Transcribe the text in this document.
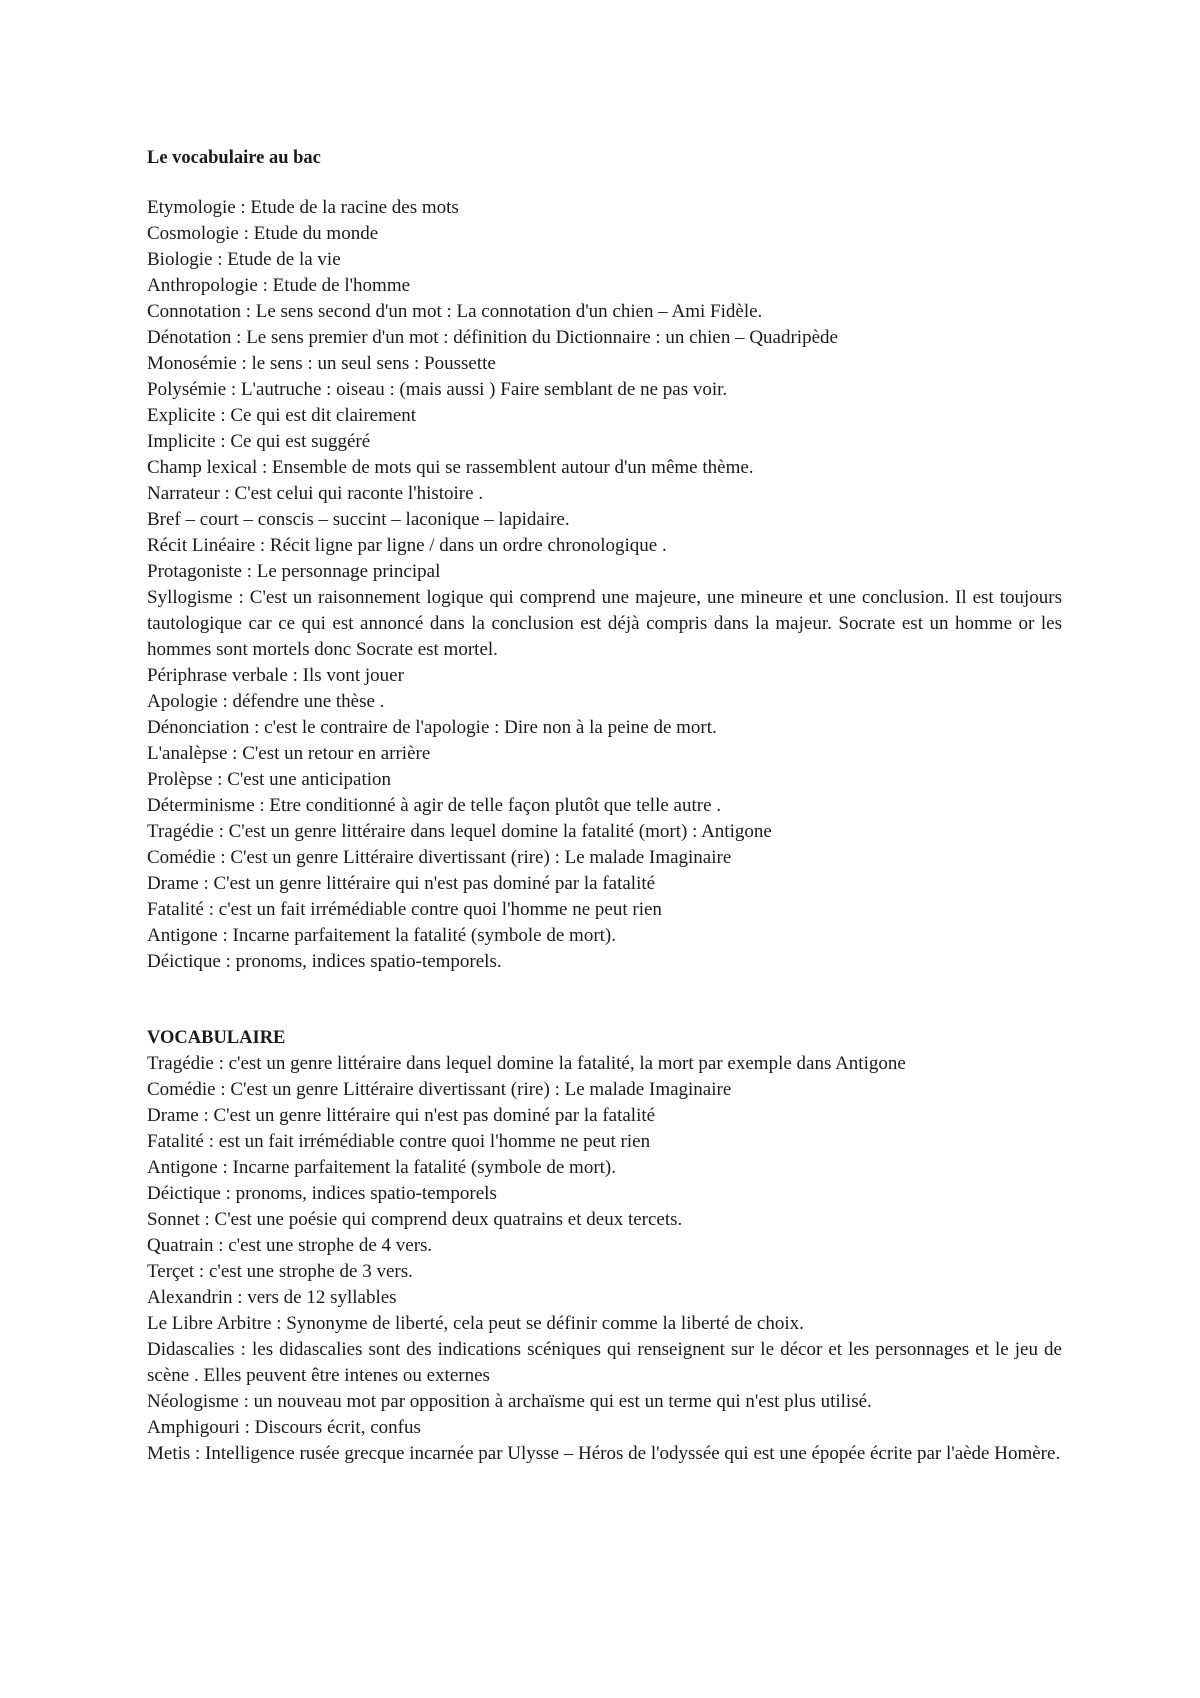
Le vocabulaire au bac

Etymologie : Etude de la racine des mots

Cosmologie : Etude du monde

Biologie : Etude de la vie

Anthropologie : Etude de l'homme

Connotation : Le sens second d'un mot : La connotation d'un chien – Ami Fidèle.

Dénotation : Le sens premier d'un mot : définition du Dictionnaire : un chien – Quadripède

Monosémie : le sens : un seul sens : Poussette

Polysémie : L'autruche : oiseau : (mais aussi ) Faire semblant de ne pas voir.

Explicite : Ce qui est dit clairement

Implicite : Ce qui est suggéré

Champ lexical : Ensemble de mots qui se rassemblent autour d'un même thème.

Narrateur : C'est celui qui raconte l'histoire .

Bref – court – conscis – succint – laconique – lapidaire.

Récit Linéaire : Récit ligne par ligne / dans un ordre chronologique .

Protagoniste : Le personnage principal

Syllogisme : C'est un raisonnement logique qui comprend une majeure, une mineure et une conclusion. Il est toujours tautologique car ce qui est annoncé dans la conclusion est déjà compris dans la majeur. Socrate est un homme or les hommes sont mortels donc Socrate est mortel.

Périphrase verbale : Ils vont jouer

Apologie : défendre une thèse .

Dénonciation : c'est le contraire de l'apologie : Dire non à la peine de mort.

L'analèpse : C'est un retour en arrière

Prolèpse : C'est une anticipation

Déterminisme : Etre conditionné à agir de telle façon plutôt que telle autre .

Tragédie : C'est un genre littéraire dans lequel domine la fatalité (mort) : Antigone

Comédie : C'est un genre Littéraire divertissant (rire) : Le malade Imaginaire

Drame : C'est un genre littéraire qui n'est pas dominé par la fatalité

Fatalité : c'est un fait irrémédiable contre quoi l'homme ne peut rien

Antigone : Incarne parfaitement la fatalité (symbole de mort).

Déictique : pronoms, indices spatio-temporels.

VOCABULAIRE

Tragédie : c'est un genre littéraire dans lequel domine la fatalité, la mort par exemple dans Antigone

Comédie : C'est un genre Littéraire divertissant (rire) : Le malade Imaginaire

Drame : C'est un genre littéraire qui n'est pas dominé par la fatalité

Fatalité : est un fait irrémédiable contre quoi l'homme ne peut rien

Antigone : Incarne parfaitement la fatalité (symbole de mort).

Déictique : pronoms, indices spatio-temporels

Sonnet : C'est une poésie qui comprend deux quatrains et deux tercets.

Quatrain : c'est une strophe de 4 vers.

Terçet : c'est une strophe de 3 vers.

Alexandrin : vers de 12 syllables

Le Libre Arbitre : Synonyme de liberté, cela peut se définir comme la liberté de choix.

Didascalies : les didascalies sont des indications scéniques qui renseignent sur le décor et les personnages et le jeu de scène . Elles peuvent être intenes ou externes

Néologisme : un nouveau mot par opposition à archaïsme qui est un terme qui n'est plus utilisé.

Amphigouri : Discours écrit, confus

Metis : Intelligence rusée grecque incarnée par Ulysse – Héros de l'odyssée qui est une épopée écrite par l'aède Homère.
